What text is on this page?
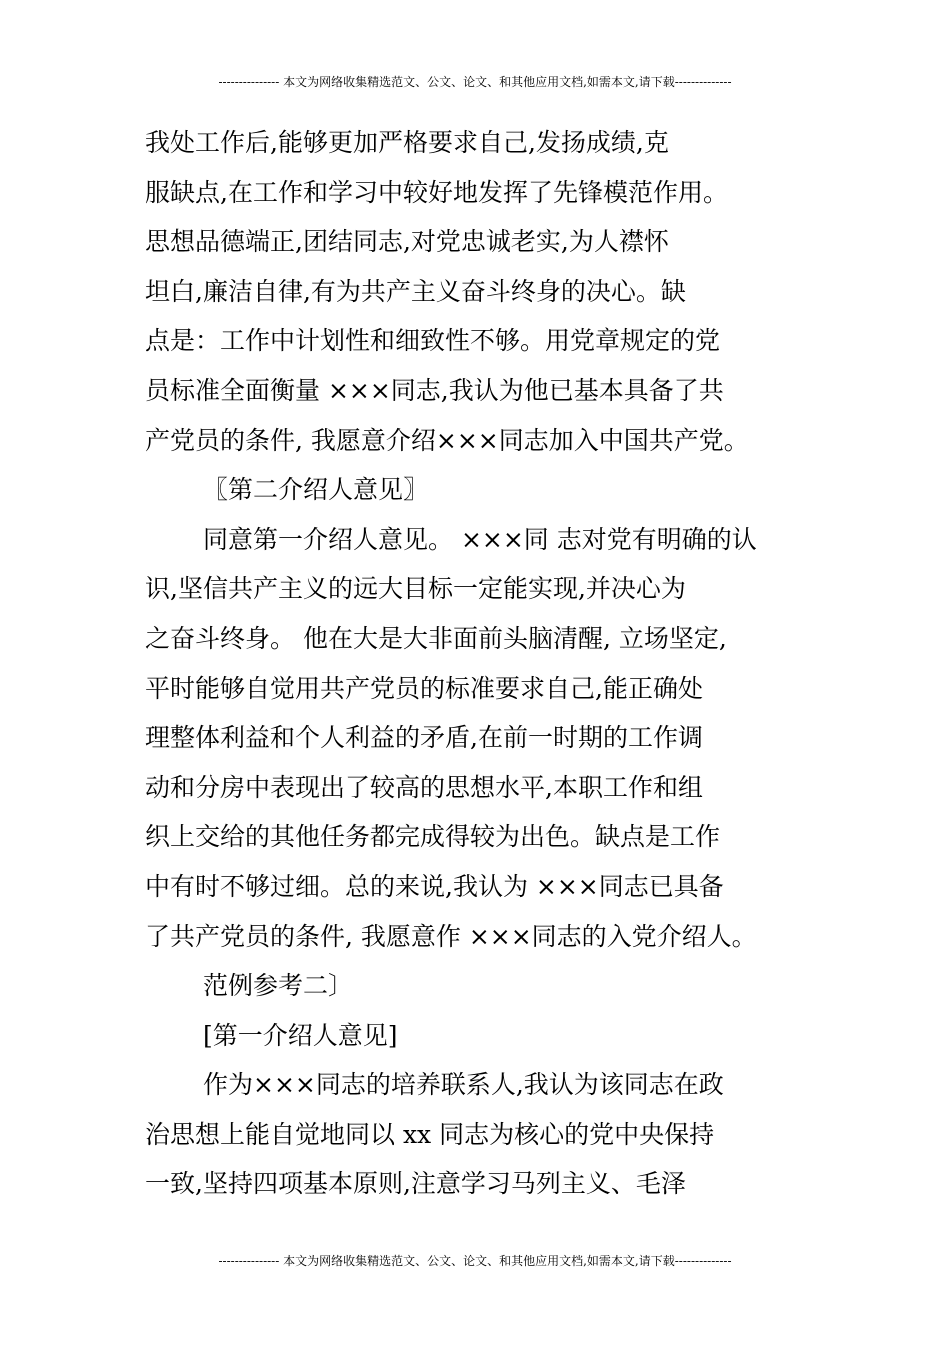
--------------- 本文为网络收集精选范文、公文、论文、和其他应用文档,如需本文,请下载--------------
我处工作后,能够更加严格要求自己,发扬成绩,克
服缺点,在工作和学习中较好地发挥了先锋模范作用。
思想品德端正,团结同志,对党忠诚老实,为人襟怀
坦白,廉洁自律,有为共产主义奋斗终身的决心。缺
点是：工作中计划性和细致性不够。用党章规定的党
员标准全面衡量 ×××同志,我认为他已基本具备了共
产党员的条件, 我愿意介绍×××同志加入中国共产党。
〖第二介绍人意见〗
同意第一介绍人意见。 ×××同 志对党有明确的认
识,坚信共产主义的远大目标一定能实现,并决心为
之奋斗终身。 他在大是大非面前头脑清醒, 立场坚定,
平时能够自觉用共产党员的标准要求自己,能正确处
理整体利益和个人利益的矛盾,在前一时期的工作调
动和分房中表现出了较高的思想水平,本职工作和组
织上交给的其他任务都完成得较为出色。缺点是工作
中有时不够过细。总的来说,我认为 ×××同志已具备
了共产党员的条件, 我愿意作 ×××同志的入党介绍人。
范例参考二〕
[第一介绍人意见]
作为×××同志的培养联系人,我认为该同志在政
治思想上能自觉地同以 xx 同志为核心的党中央保持
一致,坚持四项基本原则,注意学习马列主义、毛泽
--------------- 本文为网络收集精选范文、公文、论文、和其他应用文档,如需本文,请下载--------------
